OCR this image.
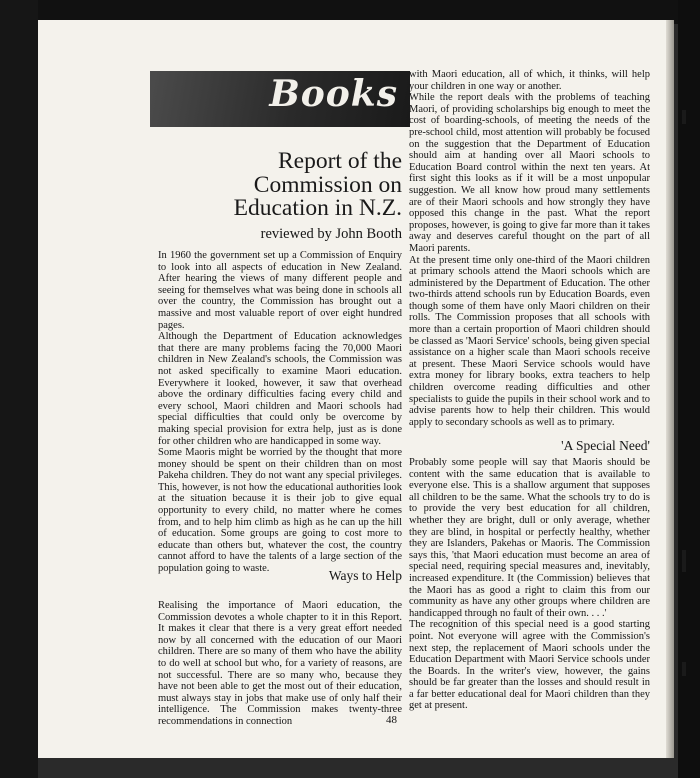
Books
Report of the Commission on Education in N.Z.
reviewed by John Booth
In 1960 the government set up a Commission of Enquiry to look into all aspects of education in New Zealand. After hearing the views of many different people and seeing for themselves what was being done in schools all over the country, the Commission has brought out a massive and most valuable report of over eight hundred pages.
Although the Department of Education acknowledges that there are many problems facing the 70,000 Maori children in New Zealand's schools, the Commission was not asked specifically to examine Maori education. Everywhere it looked, however, it saw that overhead above the ordinary difficulties facing every child and every school, Maori children and Maori schools had special difficulties that could only be overcome by making special provision for extra help, just as is done for other children who are handicapped in some way.
Some Maoris might be worried by the thought that more money should be spent on their children than on most Pakeha children. They do not want any special privileges. This, however, is not how the educational authorities look at the situation because it is their job to give equal opportunity to every child, no matter where he comes from, and to help him climb as high as he can up the hill of education. Some groups are going to cost more to educate than others but, whatever the cost, the country cannot afford to have the talents of a large section of the population going to waste.	Ways to Help
Realising the importance of Maori education, the Commission devotes a whole chapter to it in this Report. It makes it clear that there is a very great effort needed now by all concerned with the education of our Maori children. There are so many of them who have the ability to do well at school but who, for a variety of reasons, are not successful. There are so many who, because they have not been able to get the most out of their education, must always stay in jobs that make use of only half their intelligence. The Commission makes twenty-three recommendations in connection
with Maori education, all of which, it thinks, will help your children in one way or another.
While the report deals with the problems of teaching Maori, of providing scholarships big enough to meet the cost of boarding-schools, of meeting the needs of the pre-school child, most attention will probably be focused on the suggestion that the Department of Education should aim at handing over all Maori schools to Education Board control within the next ten years. At first sight this looks as if it will be a most unpopular suggestion. We all know how proud many settlements are of their Maori schools and how strongly they have opposed this change in the past. What the report proposes, however, is going to give far more than it takes away and deserves careful thought on the part of all Maori parents.
At the present time only one-third of the Maori children at primary schools attend the Maori schools which are administered by the Department of Education. The other two-thirds attend schools run by Education Boards, even though some of them have only Maori children on their rolls. The Commission proposes that all schools with more than a certain proportion of Maori children should be classed as 'Maori Service' schools, being given special assistance on a higher scale than Maori schools receive at present. These Maori Service schools would have extra money for library books, extra teachers to help children overcome reading difficulties and other specialists to guide the pupils in their school work and to advise parents how to help their children. This would apply to secondary schools as well as to primary.
'A Special Need'
Probably some people will say that Maoris should be content with the same education that is available to everyone else. This is a shallow argument that supposes all children to be the same. What the schools try to do is to provide the very best education for all children, whether they are bright, dull or only average, whether they are blind, in hospital or perfectly healthy, whether they are Islanders, Pakehas or Maoris. The Commission says this, 'that Maori education must become an area of special need, requiring special measures and, inevitably, increased expenditure. It (the Commission) believes that the Maori has as good a right to claim this from our community as have any other groups where children are handicapped through no fault of their own. . . .'
The recognition of this special need is a good starting point. Not everyone will agree with the Commission's next step, the replacement of Maori schools under the Education Department with Maori Service schools under the Boards. In the writer's view, however, the gains should be far greater than the losses and should result in a far better educational deal for Maori children than they get at present.
48
